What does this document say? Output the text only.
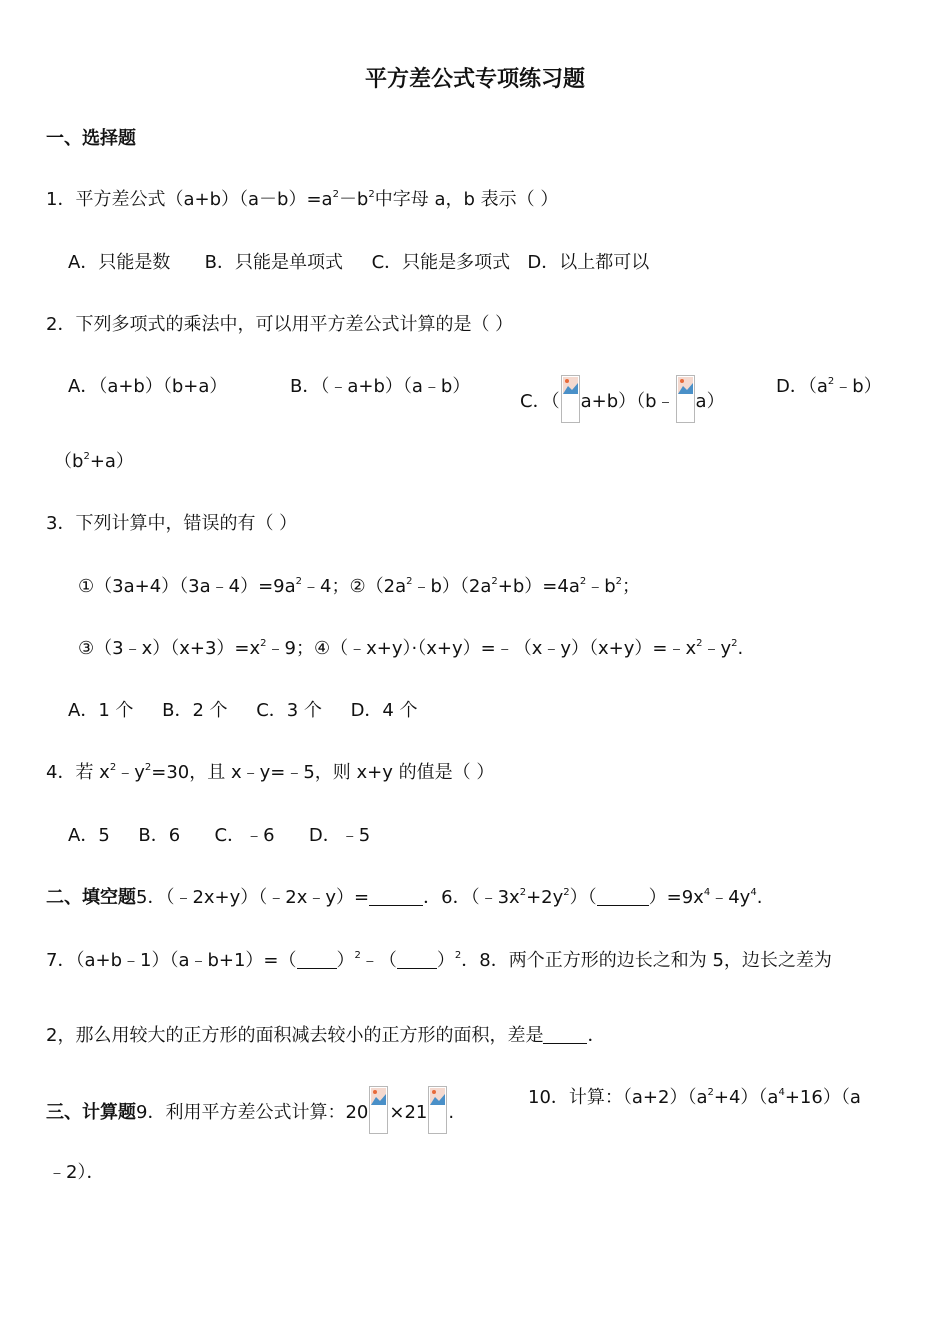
平方差公式专项练习题
一、选择题
1．平方差公式$(a+b)(a-b)=a^2-b^2$中字母 a，b 表示（ ）
A．只能是数      B．只能是单项式     C．只能是多项式   D．以上都可以
2．下列多项式的乘法中，可以用平方差公式计算的是（ ）
A．（a+b）（b+a）	B．（﹣a+b）（a﹣b）
C．（ a+b）（b﹣ a）
D．$(a^2﹣b)$
$(b^2+a)$
3．下列计算中，错误的有（ ）
$①(3a+4)(3a﹣4)=9a^2﹣4$；$②(2a^2﹣b)(2a^2+b)=4a^2﹣b^2$；
$③(3﹣x)(x+3)=x^2﹣9$；$④(﹣x+y)\cdot(x+y)=﹣(x﹣y)(x+y)=﹣x^2﹣y^2$.
A．1 个     B．2 个     C．3 个     D．4 个
4．若 $x^2﹣y^2=30$，且 x﹣y=﹣5，则 x+y 的值是（ ）
A．5     B．6      C．﹣6      D．﹣5
二、填空题5．（﹣2x+y）（﹣2x﹣y）=	．6．$(﹣3x^2+2y^2)$（	）$=9x^4﹣4y^4$.
7．（a+b﹣1）（a﹣b+1）=（ ）$^2$﹣（ ）$^2$．8．两个正方形的边长之和为 5，边长之差为
2，那么用较大的正方形的面积减去较小的正方形的面积，差是 ．
三、计算题9．利用平方差公式计算：20 ×21 .
10．计算：$(a+2)(a^2+4)(a^4+16)(a$
﹣2）．
